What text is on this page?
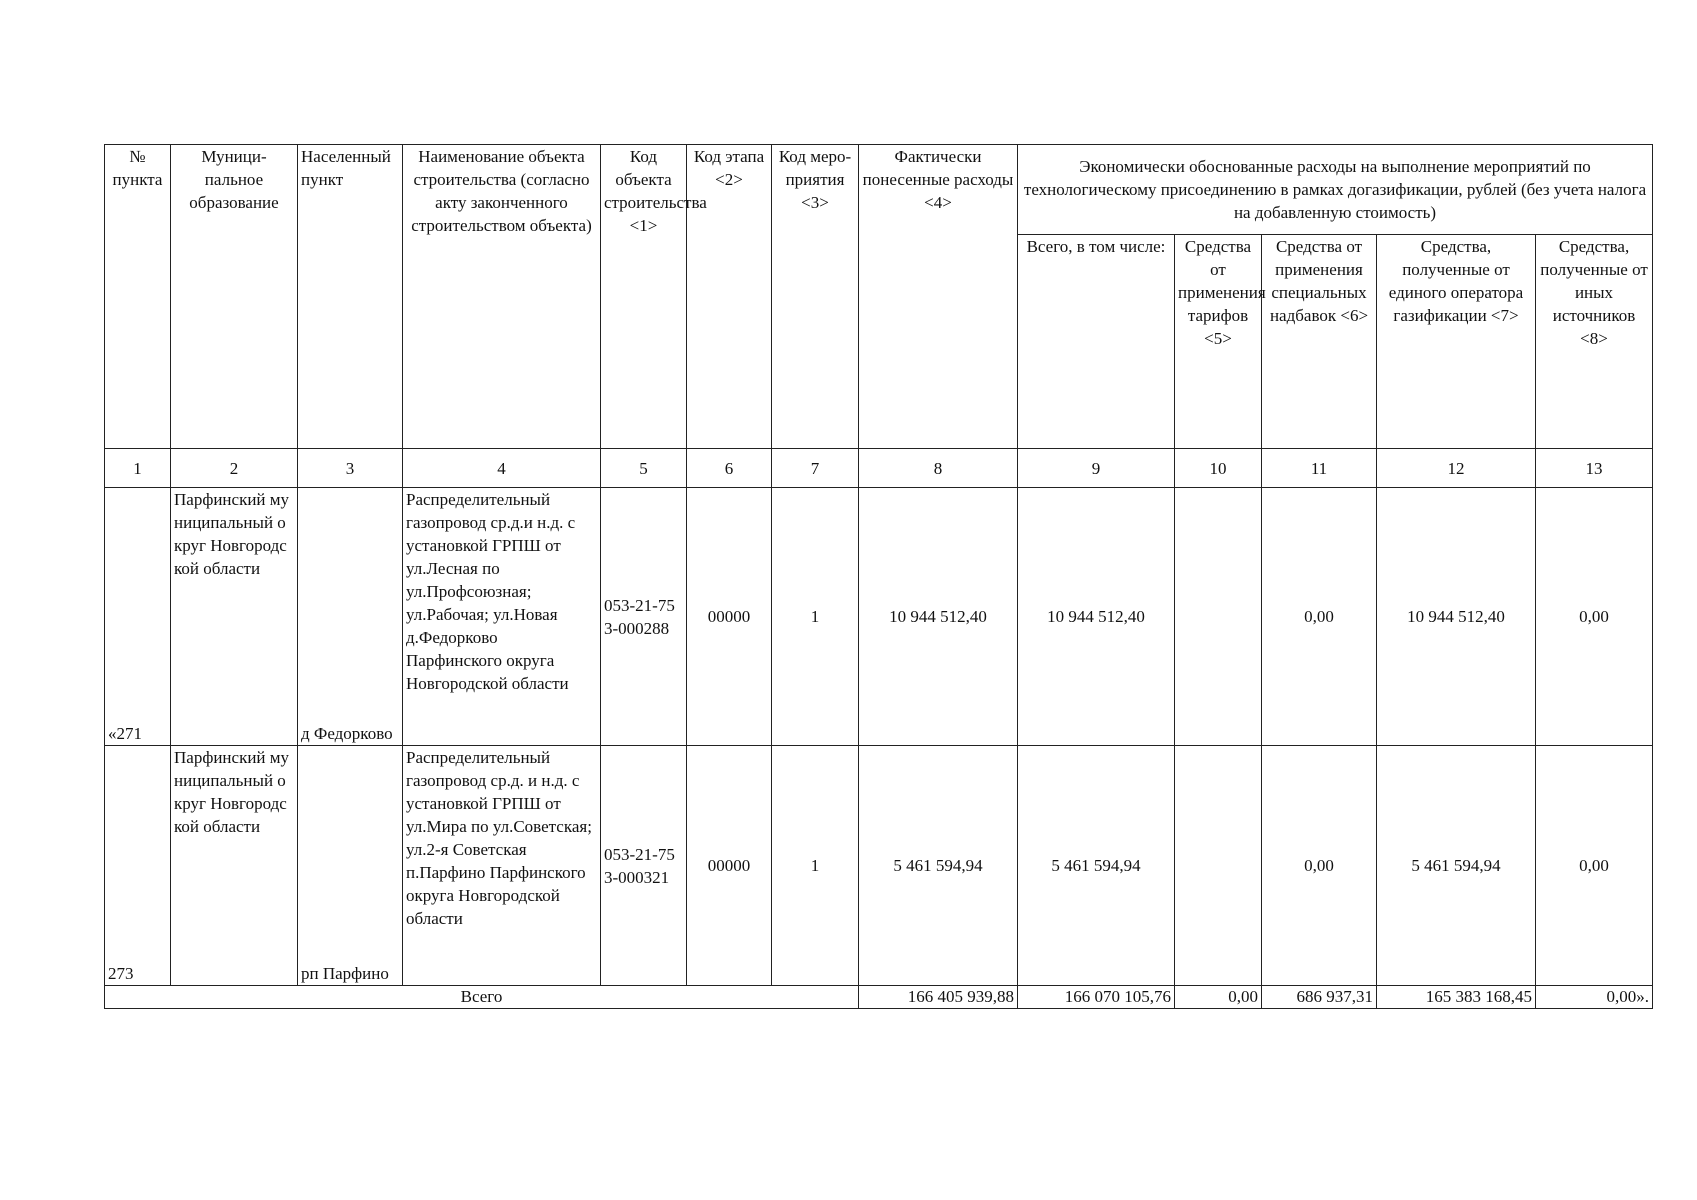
№ пункта	Муници-пальное образование	Населенный пункт	Наименование объекта строительства (согласно акту законченного строительством объекта)	Код объекта строительства <1>	Код этапа <2>	Код меро-приятия <3>	Фактически понесенные расходы <4>	Экономически обоснованные расходы на выполнение мероприятий по технологическому присоединению в рамках догазификации, рублей (без учета налога на добавленную стоимость)				
								Всего, в том числе:	Средства от применения тарифов <5>	Средства от применения специальных надбавок <6>	Средства, полученные от единого оператора газификации <7>	Средства, полученные от иных источников <8>
1	2	3	4	5	6	7	8	9	10	11	12	13
«271	Парфинский муниципальный округ Новгородской области	д Федорково	Распределительный газопровод ср.д.и н.д. с установкой ГРПШ от ул.Лесная по ул.Профсоюзная; ул.Рабочая; ул.Новая д.Федорково Парфинского округа Новгородской области	053-21-753-000288	00000	1	10 944 512,40	10 944 512,40		0,00	10 944 512,40	0,00
273	Парфинский муниципальный округ Новгородской области	рп Парфино	Распределительный газопровод ср.д. и н.д. с установкой ГРПШ от ул.Мира по ул.Советская; ул.2-я Советская п.Парфино Парфинского округа Новгородской области	053-21-753-000321	00000	1	5 461 594,94	5 461 594,94		0,00	5 461 594,94	0,00
Всего							166 405 939,88	166 070 105,76	0,00	686 937,31	165 383 168,45	0,00».
